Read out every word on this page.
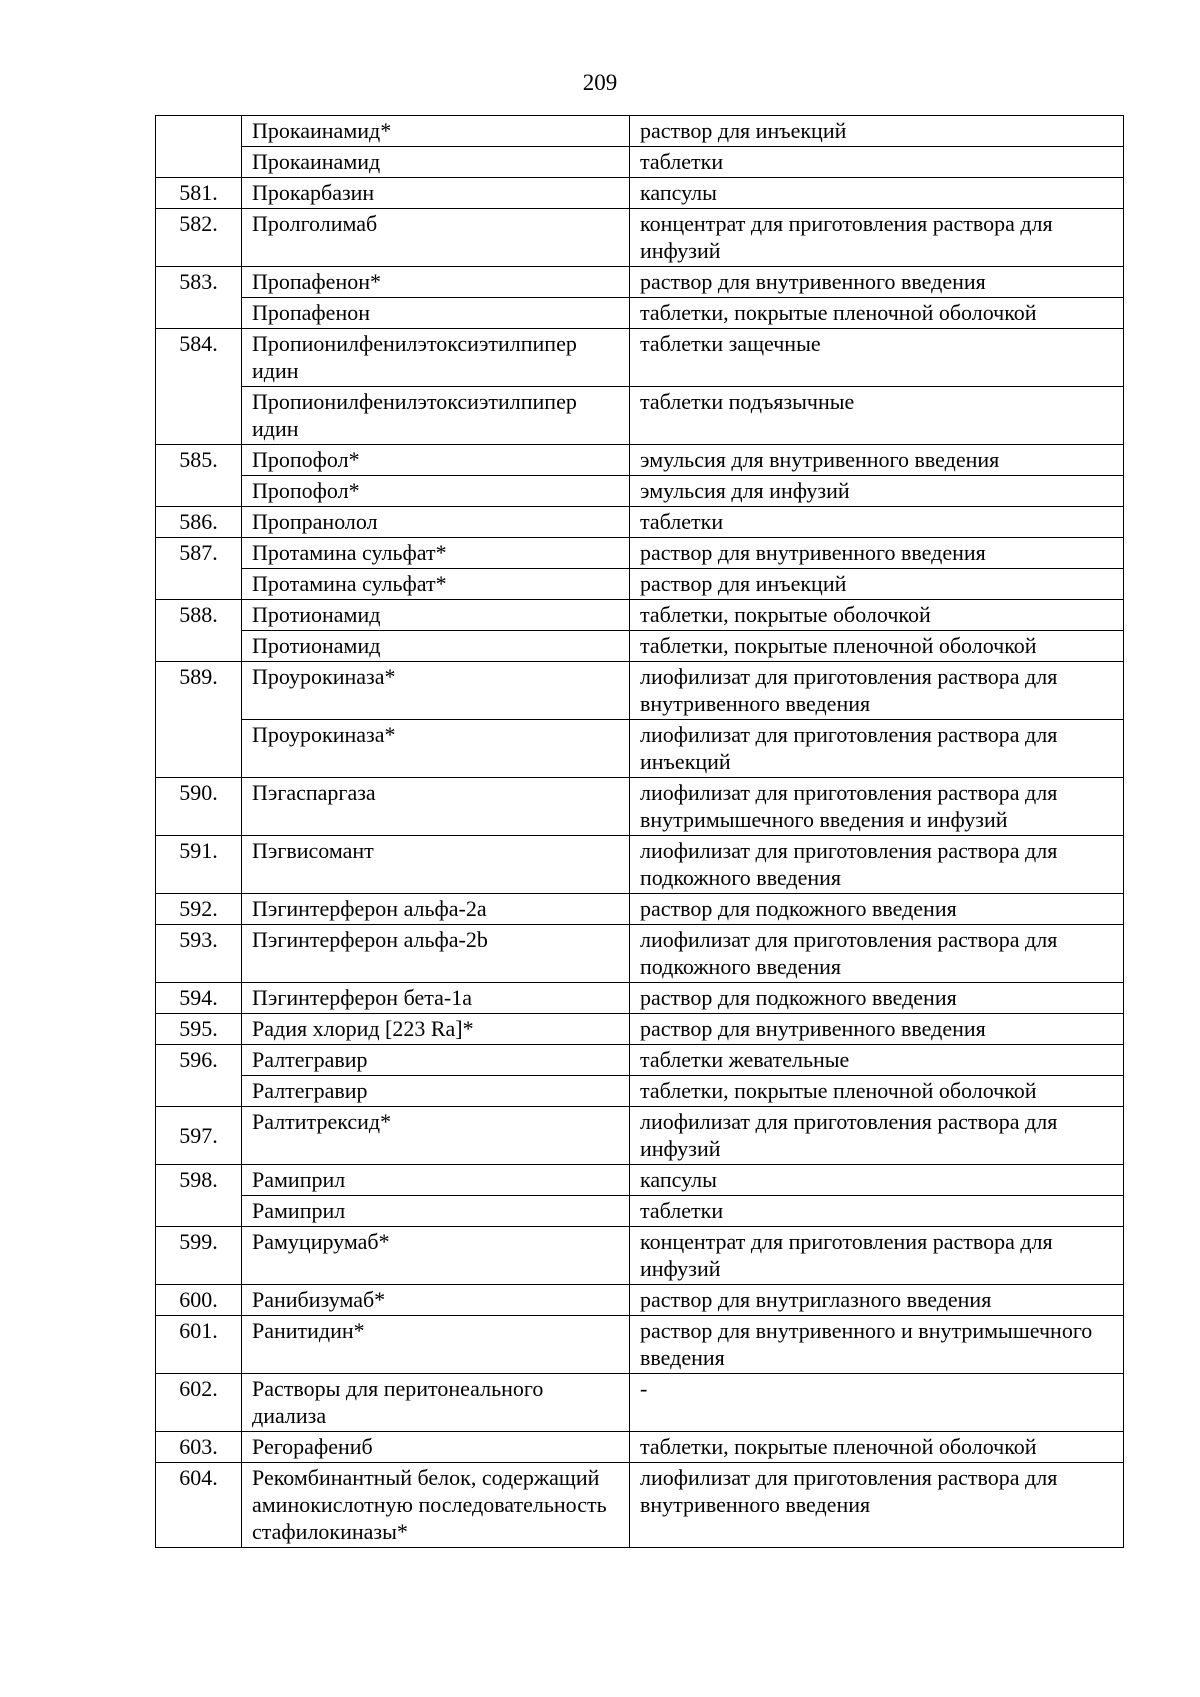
209
	Прокаинамид*	раствор для инъекций
	Прокаинамид	таблетки
581.	Прокарбазин	капсулы
582.	Пролголимаб	концентрат для приготовления раствора для инфузий
583.	Пропафенон*	раствор для внутривенного введения
	Пропафенон	таблетки, покрытые пленочной оболочкой
584.	Пропионилфенилэтоксиэтилпипер идин	таблетки защечные
	Пропионилфенилэтоксиэтилпипер идин	таблетки подъязычные
585.	Пропофол*	эмульсия для внутривенного введения
	Пропофол*	эмульсия для инфузий
586.	Пропранолол	таблетки
587.	Протамина сульфат*	раствор для внутривенного введения
	Протамина сульфат*	раствор для инъекций
588.	Протионамид	таблетки, покрытые оболочкой
	Протионамид	таблетки, покрытые пленочной оболочкой
589.	Проурокиназа*	лиофилизат для приготовления раствора для внутривенного введения
	Проурокиназа*	лиофилизат для приготовления раствора для инъекций
590.	Пэгаспаргаза	лиофилизат для приготовления раствора для внутримышечного введения и инфузий
591.	Пэгвисомант	лиофилизат для приготовления раствора для подкожного введения
592.	Пэгинтерферон альфа-2а	раствор для подкожного введения
593.	Пэгинтерферон альфа-2b	лиофилизат для приготовления раствора для подкожного введения
594.	Пэгинтерферон бета-1а	раствор для подкожного введения
595.	Радия хлорид [223 Ra]*	раствор для внутривенного введения
596.	Ралтегравир	таблетки жевательные
	Ралтегравир	таблетки, покрытые пленочной оболочкой
597.	Ралтитрексид*	лиофилизат для приготовления раствора для инфузий
598.	Рамиприл	капсулы
	Рамиприл	таблетки
599.	Рамуцирумаб*	концентрат для приготовления раствора для инфузий
600.	Ранибизумаб*	раствор для внутриглазного введения
601.	Ранитидин*	раствор для внутривенного и внутримышечного введения
602.	Растворы для перитонеального диализа	-
603.	Регорафениб	таблетки, покрытые пленочной оболочкой
604.	Рекомбинантный белок, содержащий аминокислотную последовательность стафилокиназы*	лиофилизат для приготовления раствора для внутривенного введения
